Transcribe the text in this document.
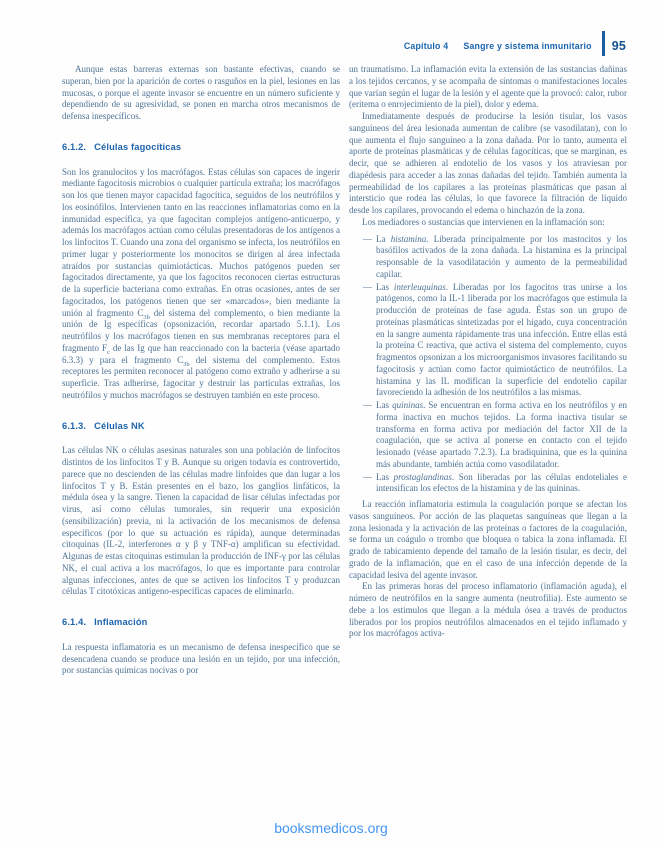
Capítulo 4 Sangre y sistema inmunitario 95

Aunque estas barreras externas son bastante efectivas, cuando se superan, bien por la aparición de cortes o rasguños en la piel, lesiones en las mucosas, o porque el agente invasor se encuentre en un número suficiente y dependiendo de su agresividad, se ponen en marcha otros mecanismos de defensa inespecíficos.

6.1.2. Células fagocíticas

Son los granulocitos y los macrófagos. Estas células son capaces de ingerir mediante fagocitosis microbios o cualquier partícula extraña; los macrófagos son los que tienen mayor capacidad fagocítica, seguidos de los neutrófilos y los eosinófilos. Intervienen tanto en las reacciones inflamatorias como en la inmunidad específica, ya que fagocitan complejos antígeno-anticuerpo, y además los macrófagos actúan como células presentadoras de los antígenos a los linfocitos T. Cuando una zona del organismo se infecta, los neutrófilos en primer lugar y posteriormente los monocitos se dirigen al área infectada atraídos por sustancias quimiotácticas. Muchos patógenos pueden ser fagocitados directamente, ya que los fagocitos reconocen ciertas estructuras de la superficie bacteriana como extrañas. En otras ocasiones, antes de ser fagocitados, los patógenos tienen que ser «marcados», bien mediante la unión al fragmento $C_{3b}$ del sistema del complemento, o bien mediante la unión de Ig específicas (opsonización, recordar apartado 5.1.1). Los neutrófilos y los macrófagos tienen en sus membranas receptores para el fragmento $F_c$ de las Ig que han reaccionado con la bacteria (véase apartado 6.3.3) y para el fragmento $C_{3b}$ del sistema del complemento. Estos receptores les permiten reconocer al patógeno como extraño y adherirse a su superficie. Tras adherirse, fagocitar y destruir las partículas extrañas, los neutrófilos y muchos macrófagos se destruyen también en este proceso.

6.1.3. Células NK

Las células NK o células asesinas naturales son una población de linfocitos distintos de los linfocitos T y B. Aunque su origen todavía es controvertido, parece que no descienden de las células madre linfoides que dan lugar a los linfocitos T y B. Están presentes en el bazo, los ganglios linfáticos, la médula ósea y la sangre. Tienen la capacidad de lisar células infectadas por virus, así como células tumorales, sin requerir una exposición (sensibilización) previa, ni la activación de los mecanismos de defensa específicos (por lo que su actuación es rápida), aunque determinadas citoquinas (IL-2, interferones α y β y TNF-α) amplifican su efectividad. Algunas de estas citoquinas estimulan la producción de INF-γ por las células NK, el cual activa a los macrófagos, lo que es importante para controlar algunas infecciones, antes de que se activen los linfocitos T y produzcan células T citotóxicas antígeno-específicas capaces de eliminarlo.

6.1.4. Inflamación

La respuesta inflamatoria es un mecanismo de defensa inespecífico que se desencadena cuando se produce una lesión en un tejido, por una infección, por sustancias químicas nocivas o por

un traumatismo. La inflamación evita la extensión de las sustancias dañinas a los tejidos cercanos, y se acompaña de síntomas o manifestaciones locales que varían según el lugar de la lesión y el agente que la provocó: calor, rubor (eritema o enrojecimiento de la piel), dolor y edema.

Inmediatamente después de producirse la lesión tisular, los vasos sanguíneos del área lesionada aumentan de calibre (se vasodilatan), con lo que aumenta el flujo sanguíneo a la zona dañada. Por lo tanto, aumenta el aporte de proteínas plasmáticas y de células fagocíticas, que se marginan, es decir, que se adhieren al endotelio de los vasos y los atraviesan por diapédesis para acceder a las zonas dañadas del tejido. También aumenta la permeabilidad de los capilares a las proteínas plasmáticas que pasan al intersticio que rodea las células, lo que favorece la filtración de líquido desde los capilares, provocando el edema o hinchazón de la zona.

Los mediadores o sustancias que intervienen en la inflamación son:

— La histamina. Liberada principalmente por los mastocitos y los basófilos activados de la zona dañada. La histamina es la principal responsable de la vasodilatación y aumento de la permeabilidad capilar.
— Las interleuquinas. Liberadas por los fagocitos tras unirse a los patógenos, como la IL-1 liberada por los macrófagos que estimula la producción de proteínas de fase aguda. Éstas son un grupo de proteínas plasmáticas sintetizadas por el hígado, cuya concentración en la sangre aumenta rápidamente tras una infección. Entre ellas está la proteína C reactiva, que activa el sistema del complemento, cuyos fragmentos opsonizan a los microorganismos invasores facilitando su fagocitosis y actúan como factor quimiotáctico de neutrófilos. La histamina y las IL modifican la superficie del endotelio capilar favoreciendo la adhesión de los neutrófilos a las mismas.
— Las quininas. Se encuentran en forma activa en los neutrófilos y en forma inactiva en muchos tejidos. La forma inactiva tisular se transforma en forma activa por mediación del factor XII de la coagulación, que se activa al ponerse en contacto con el tejido lesionado (véase apartado 7.2.3). La bradiquinina, que es la quinina más abundante, también actúa como vasodilatador.
— Las prostaglandinas. Son liberadas por las células endoteliales e intensifican los efectos de la histamina y de las quininas.

La reacción inflamatoria estimula la coagulación porque se afectan los vasos sanguíneos. Por acción de las plaquetas sanguíneas que llegan a la zona lesionada y la activación de las proteínas o factores de la coagulación, se forma un coágulo o trombo que bloquea o tabica la zona inflamada. El grado de tabicamiento depende del tamaño de la lesión tisular, es decir, del grado de la inflamación, que en el caso de una infección depende de la capacidad lesiva del agente invasor.

En las primeras horas del proceso inflamatorio (inflamación aguda), el número de neutrófilos en la sangre aumenta (neutrofilia). Este aumento se debe a los estímulos que llegan a la médula ósea a través de productos liberados por los propios neutrófilos almacenados en el tejido inflamado y por los macrófagos activa-

booksmedicos.org
